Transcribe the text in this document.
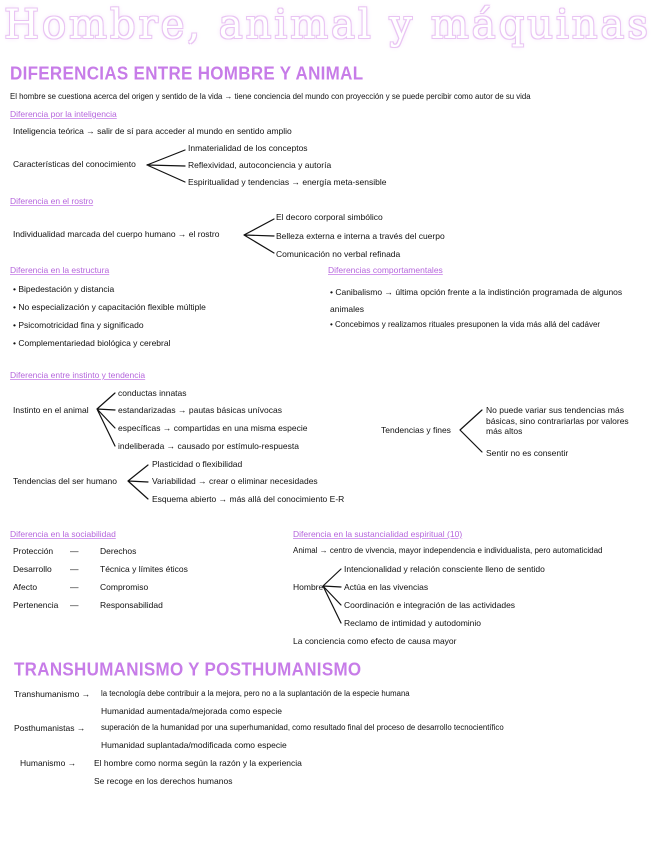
Hombre, animal y máquinas
DIFERENCIAS ENTRE HOMBRE Y ANIMAL
El hombre se cuestiona acerca del origen y sentido de la vida → tiene conciencia del mundo con proyección y se puede percibir como autor de su vida
Diferencia por la inteligencia
Inteligencia teórica → salir de sí para acceder al mundo en sentido amplio
Características del conocimiento
Inmaterialidad de los conceptos
Reflexividad, autoconciencia y autoría
Espiritualidad y tendencias → energía meta-sensible
Diferencia en el rostro
Individualidad marcada del cuerpo humano → el rostro
El decoro corporal simbólico
Belleza externa e interna a través del cuerpo
Comunicación no verbal refinada
Diferencia en la estructura
• Bipedestación y distancia
• No especialización y capacitación flexible múltiple
• Psicomotricidad fina y significado
• Complementariedad biológica y cerebral
Diferencias comportamentales
• Canibalismo → última opción frente a la indistinción programada de algunos animales
• Concebimos y realizamos rituales presuponen la vida más allá del cadáver
Diferencia entre instinto y tendencia
Instinto en el animal
conductas innatas
estandarizadas → pautas básicas unívocas
específicas → compartidas en una misma especie
indeliberada → causado por estímulo-respuesta
Tendencias del ser humano
Plasticidad o flexibilidad
Variabilidad → crear o eliminar necesidades
Esquema abierto → más allá del conocimiento E-R
Tendencias y fines
No puede variar sus tendencias más básicas, sino contrariarlas por valores más altos
Sentir no es consentir
Diferencia en la sociabilidad
Protección —	Derechos
Desarrollo —	Técnica y límites éticos
Afecto	—	Compromiso
Pertenencia —	Responsabilidad
Diferencia en la sustancialidad espiritual (10)
Animal → centro de vivencia, mayor independencia e individualista, pero automaticidad
Hombre
Intencionalidad y relación consciente lleno de sentido
Actúa en las vivencias
Coordinación e integración de las actividades
Reclamo de intimidad y autodominio
La conciencia como efecto de causa mayor
TRANSHUMANISMO Y POSTHUMANISMO
Transhumanismo → la tecnología debe contribuir a la mejora, pero no a la suplantación de la especie humana
Humanidad aumentada/mejorada como especie
Posthumanistas → superación de la humanidad por una superhumanidad, como resultado final del proceso de desarrollo tecnocientífico
Humanidad suplantada/modificada como especie
Humanismo → El hombre como norma según la razón y la experiencia
Se recoge en los derechos humanos
